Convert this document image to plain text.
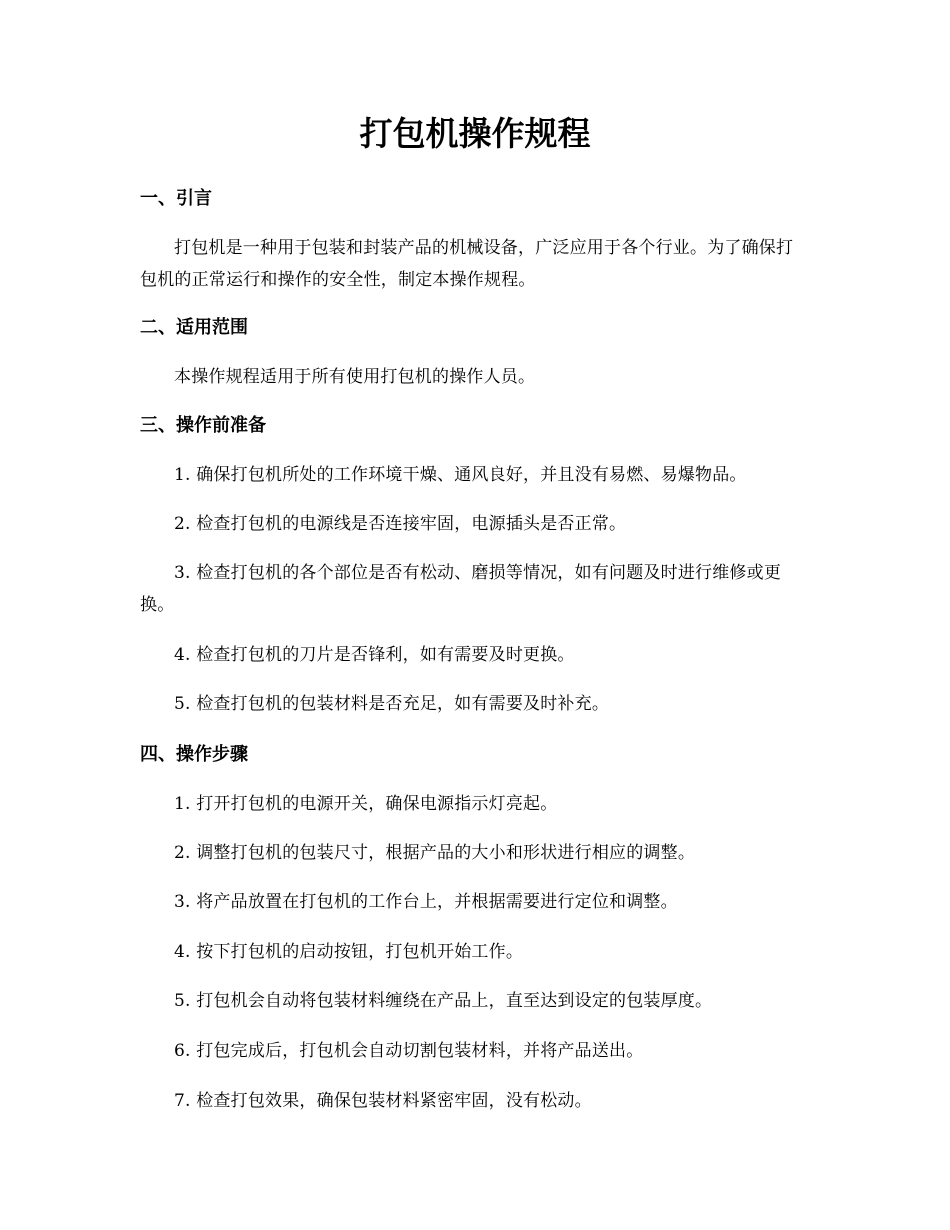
打包机操作规程
一、引言

打包机是一种用于包装和封装产品的机械设备，广泛应用于各个行业。为了确保打包机的正常运行和操作的安全性，制定本操作规程。

二、适用范围

本操作规程适用于所有使用打包机的操作人员。

三、操作前准备

1. 确保打包机所处的工作环境干燥、通风良好，并且没有易燃、易爆物品。

2. 检查打包机的电源线是否连接牢固，电源插头是否正常。

3. 检查打包机的各个部位是否有松动、磨损等情况，如有问题及时进行维修或更换。

4. 检查打包机的刀片是否锋利，如有需要及时更换。

5. 检查打包机的包装材料是否充足，如有需要及时补充。

四、操作步骤

1. 打开打包机的电源开关，确保电源指示灯亮起。

2. 调整打包机的包装尺寸，根据产品的大小和形状进行相应的调整。

3. 将产品放置在打包机的工作台上，并根据需要进行定位和调整。

4. 按下打包机的启动按钮，打包机开始工作。

5. 打包机会自动将包装材料缠绕在产品上，直至达到设定的包装厚度。

6. 打包完成后，打包机会自动切割包装材料，并将产品送出。

7. 检查打包效果，确保包装材料紧密牢固，没有松动。
